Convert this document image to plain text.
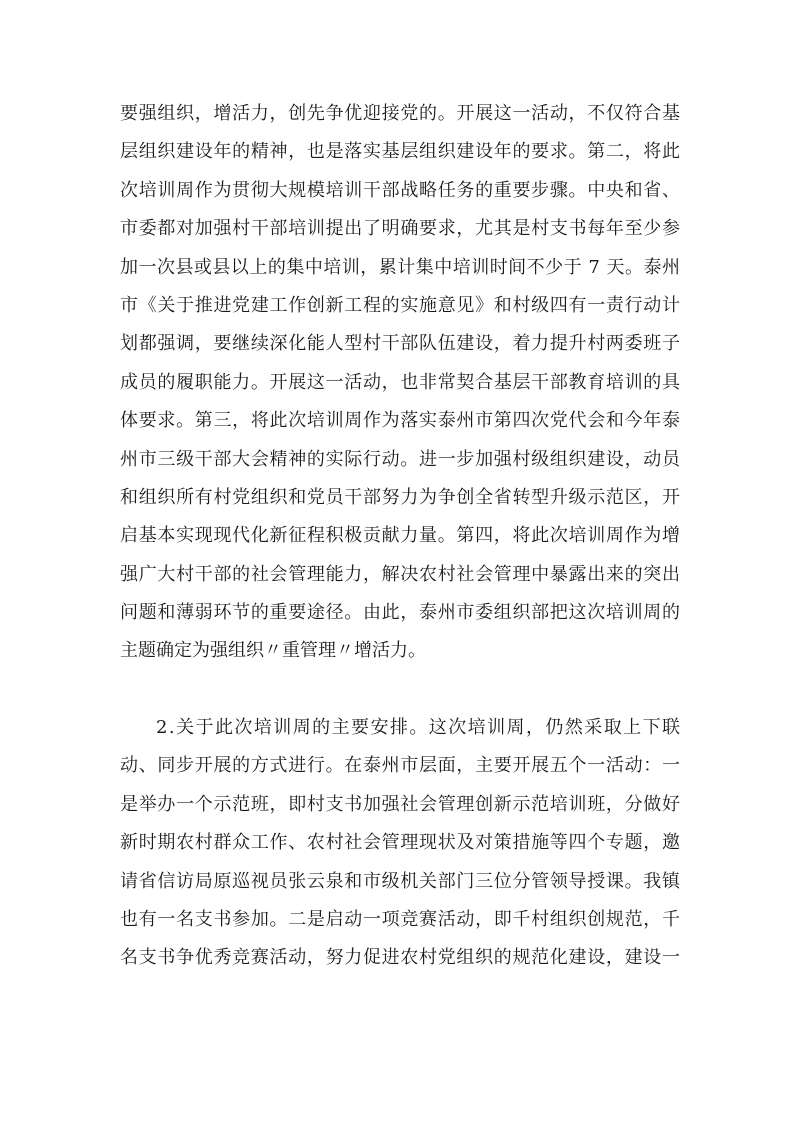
要 强 组 织 ， 增 活 力 ， 创 先 争 优 迎 接 党 的 。 开 展 这 一 活 动 ， 不 仅 符 合 基
层 组 织 建 设 年 的 精 神 ， 也 是 落 实 基 层 组 织 建 设 年 的 要 求 。 第 二 ， 将 此
次 培 训 周 作 为 贯 彻 大 规 模 培 训 干 部 战 略 任 务 的 重 要 步 骤 。 中 央 和 省 、
市 委 都 对 加 强 村 干 部 培 训 提 出 了 明 确 要 求 ， 尤 其 是 村 支 书 每 年 至 少 参
加 一 次 县 或 县 以 上 的 集 中 培 训 ， 累 计 集 中 培 训 时 间 不 少 于
7
天 。 泰 州
市 《 关 于 推 进 党 建 工 作 创 新 工 程 的 实 施 意 见 》 和 村 级 四 有 一 责 行 动 计
划 都 强 调 ， 要 继 续 深 化 能 人 型 村 干 部 队 伍 建 设 ， 着 力 提 升 村 两 委 班 子
成 员 的 履 职 能 力 。 开 展 这 一 活 动 ， 也 非 常 契 合 基 层 干 部 教 育 培 训 的 具
体 要 求 。 第 三 ， 将 此 次 培 训 周 作 为 落 实 泰 州 市 第 四 次 党 代 会 和 今 年 泰
州 市 三 级 干 部 大 会 精 神 的 实 际 行 动 。 进 一 步 加 强 村 级 组 织 建 设 ， 动 员
和 组 织 所 有 村 党 组 织 和 党 员 干 部 努 力 为 争 创 全 省 转 型 升 级 示 范 区 ， 开
启 基 本 实 现 现 代 化 新 征 程 积 极 贡 献 力 量 。 第 四 ， 将 此 次 培 训 周 作 为 增
强 广 大 村 干 部 的 社 会 管 理 能 力 ， 解 决 农 村 社 会 管 理 中 暴 露 出 来 的 突 出
问 题 和 薄 弱 环 节 的 重 要 途 径 。 由 此 ， 泰 州 市 委 组 织 部 把 这 次 培 训 周 的
主题确定为强组织〃重管理〃增活力。
2 . 关 于 此 次 培 训 周 的 主 要 安 排 。 这 次 培 训 周 ， 仍 然 采 取 上 下 联
动 、 同 步 开 展 的 方 式 进 行 。 在 泰 州 市 层 面 ， 主 要 开 展 五 个 一 活 动 ： 一
是 举 办 一 个 示 范 班 ， 即 村 支 书 加 强 社 会 管 理 创 新 示 范 培 训 班 ， 分 做 好
新 时 期 农 村 群 众 工 作 、 农 村 社 会 管 理 现 状 及 对 策 措 施 等 四 个 专 题 ， 邀
请 省 信 访 局 原 巡 视 员 张 云 泉 和 市 级 机 关 部 门 三 位 分 管 领 导 授 课 。 我 镇
也 有 一 名 支 书 参 加 。 二 是 启 动 一 项 竞 赛 活 动 ， 即 千 村 组 织 创 规 范 ， 千
名 支 书 争 优 秀 竞 赛 活 动 ， 努 力 促 进 农 村 党 组 织 的 规 范 化 建 设 ， 建 设 一
